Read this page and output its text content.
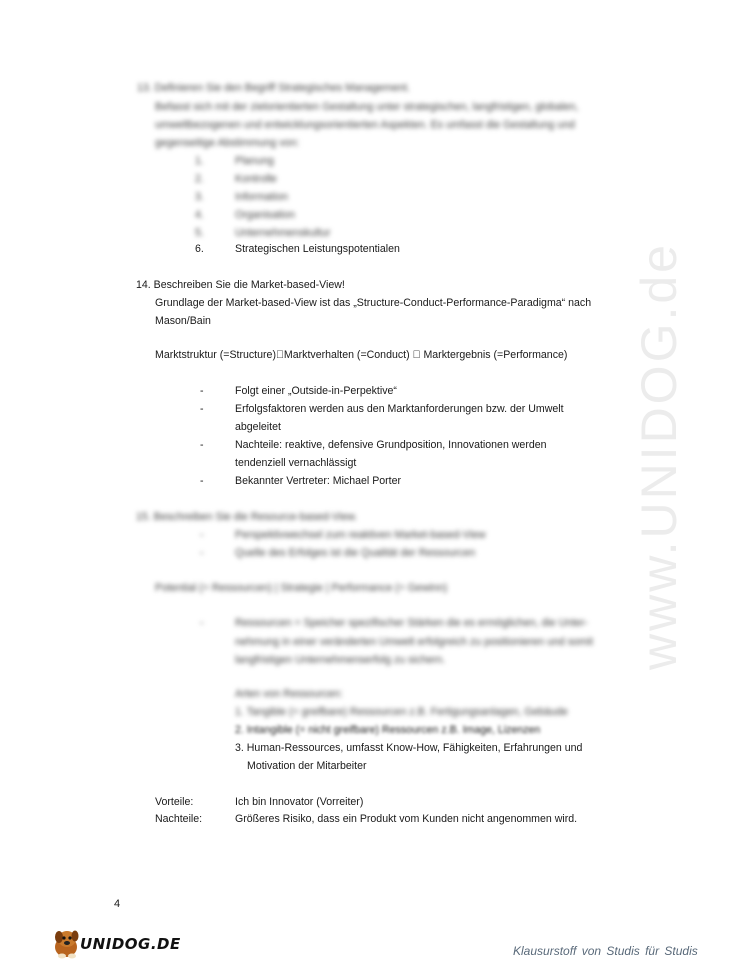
www.UNIDOG.de
13. Definieren Sie den Begriff Strategisches Management.
Befasst sich mit der zielorientierten Gestaltung unter strategischen, langfristigen, globalen,
umweltbezogenen und entwicklungsorientierten Aspekten. Es umfasst die Gestaltung und
gegenseitige Abstimmung von:
1.	Planung
2.	Kontrolle
3.	Information
4.	Organisation
5.	Unternehmenskultur
6.	Strategischen Leistungspotentialen
14. Beschreiben Sie die Market-based-View!
Grundlage der Market-based-View ist das „Structure-Conduct-Performance-Paradigma“ nach
Mason/Bain
Marktstruktur (=Structure) Marktverhalten (=Conduct) Marktergebnis (=Performance)
-	Folgt einer „Outside-in-Perpektive“
-	Erfolgsfaktoren werden aus den Marktanforderungen bzw. der Umwelt
abgeleitet
-	Nachteile: reaktive, defensive Grundposition, Innovationen werden
tendenziell vernachlässigt
-	Bekannter Vertreter: Michael Porter
15. Beschreiben Sie die Resource-based-View.
-	Perspektivwechsel zum reaktiven Market-based-View
-	Quelle des Erfolges ist die Qualität der Ressourcen
Potential (= Ressourcen) | Strategie | Performance (= Gewinn)
-	Ressourcen = Speicher spezifischer Stärken die es ermöglichen, die Unter-
nehmung in einer veränderten Umwelt erfolgreich zu positionieren und somit
langfristigen Unternehmenserfolg zu sichern.
Arten von Ressourcen:
1. Tangible (= greifbare) Ressourcen z.B. Fertigungsanlagen, Gebäude
2. Intangible (= nicht greifbare) Ressourcen z.B. Image, Lizenzen
3. Human-Ressources, umfasst Know-How, Fähigkeiten, Erfahrungen und
Motivation der Mitarbeiter
Vorteile:	Ich bin Innovator (Vorreiter)
Nachteile:	Größeres Risiko, dass ein Produkt vom Kunden nicht angenommen wird.
4
UNIDOG.DE	Klausurstoff von Studis für Studis
